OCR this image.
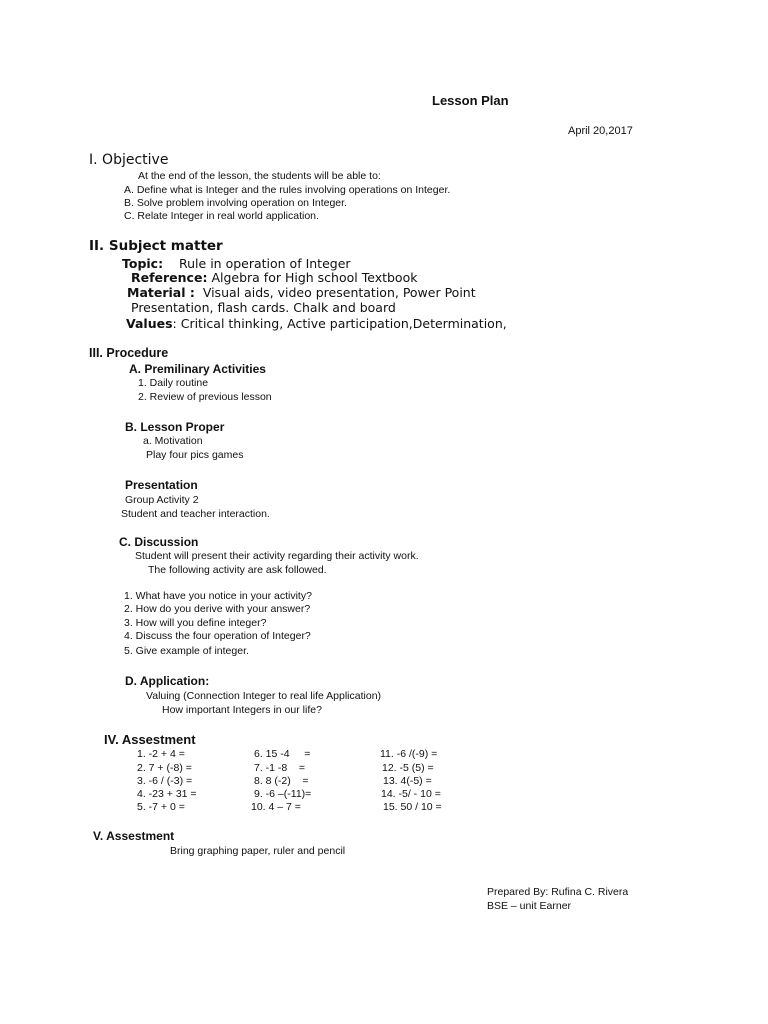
Lesson Plan
April 20,2017
I. Objective
At the end of the lesson, the students will be able to:
A. Define what is Integer and the rules involving operations on Integer.
B. Solve problem involving operation on Integer.
C. Relate Integer in real world application.
II. Subject matter
Topic: Rule in operation of Integer
Reference: Algebra for High school Textbook
Material : Visual aids, video presentation, Power Point
Presentation, flash cards. Chalk and board
Values: Critical thinking, Active participation,Determination,
III. Procedure
A. Premilinary Activities
1. Daily routine
2. Review of previous lesson
B. Lesson Proper
a. Motivation
Play four pics games
Presentation
Group Activity 2
Student and teacher interaction.
C. Discussion
Student will present their activity regarding their activity work.
The following activity are ask followed.
1. What have you notice in your activity?
2. How do you derive with your answer?
3. How will you define integer?
4. Discuss the four operation of Integer?
5. Give example of integer.
D. Application:
Valuing (Connection Integer to real life Application)
How important Integers in our life?
IV. Assestment
1. -2 + 4 =
2. 7 + (-8) =
3. -6 / (-3) =
4. -23 + 31 =
5. -7 + 0 =
6. 15 -4     =
7. -1 -8    =
8. 8 (-2)    =
9. -6 –(-11)=
10. 4 – 7 =
11. -6 /(-9) =
12. -5 (5) =
13. 4(-5) =
14. -5/ - 10 =
15. 50 / 10 =
V. Assestment
Bring graphing paper, ruler and pencil
Prepared By: Rufina C. Rivera
BSE – unit Earner
